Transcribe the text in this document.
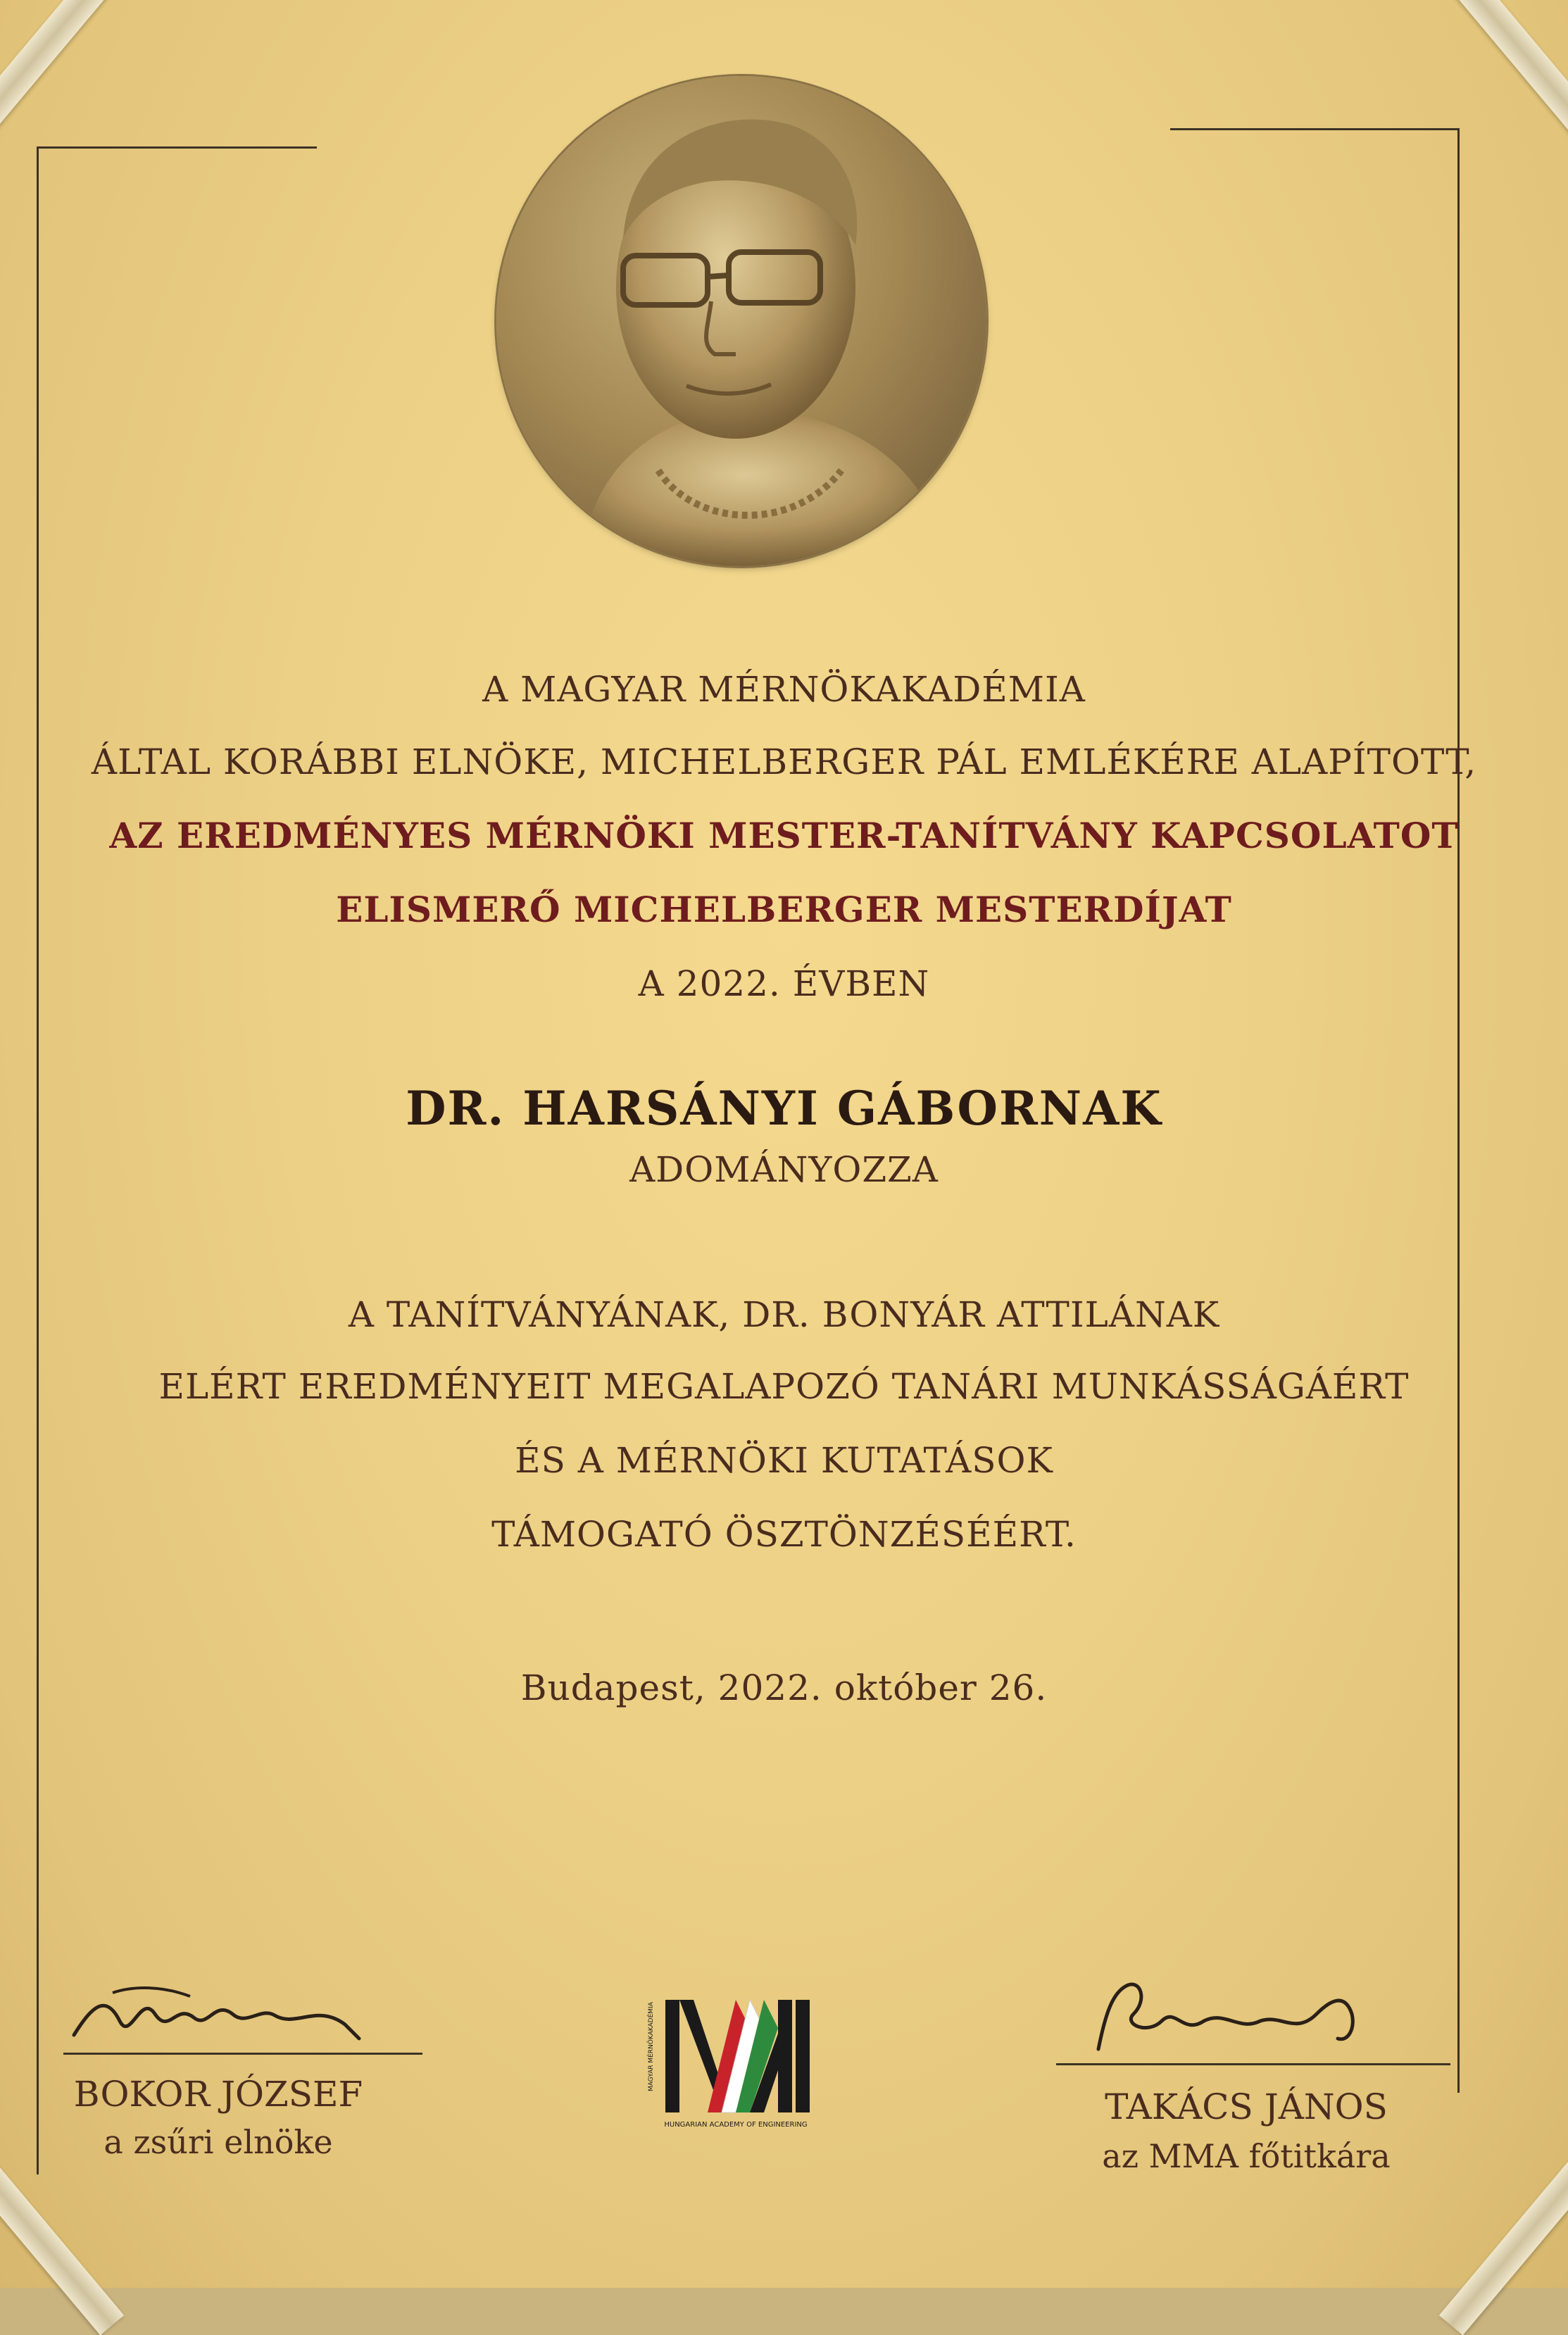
A MAGYAR MÉRNÖKAKADÉMIA
ÁLTAL KORÁBBI ELNÖKE, MICHELBERGER PÁL EMLÉKÉRE ALAPÍTOTT,
AZ EREDMÉNYES MÉRNÖKI MESTER-TANÍTVÁNY KAPCSOLATOT
ELISMERŐ MICHELBERGER MESTERDÍJAT
A 2022. ÉVBEN
DR. HARSÁNYI GÁBORNAK
ADOMÁNYOZZA
A TANÍTVÁNYÁNAK, DR. BONYÁR ATTILÁNAK
ELÉRT EREDMÉNYEIT MEGALAPOZÓ TANÁRI MUNKÁSSÁGÁÉRT
ÉS A MÉRNÖKI KUTATÁSOK
TÁMOGATÓ ÖSZTÖNZÉSÉÉRT.
Budapest, 2022. október 26.
BOKOR JÓZSEF
a zsűri elnöke
TAKÁCS JÁNOS
az MMA főtitkára
MAGYAR MÉRNÖKAKADÉMIA
HUNGARIAN ACADEMY OF ENGINEERING
